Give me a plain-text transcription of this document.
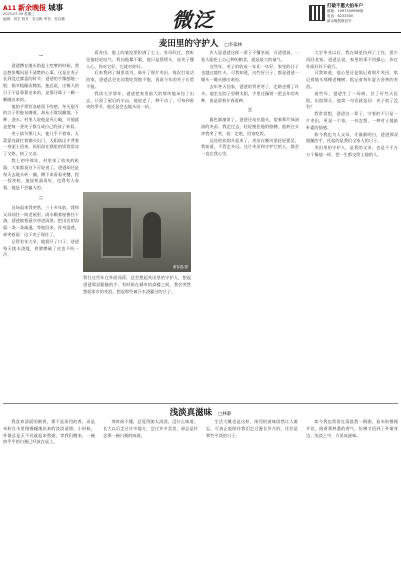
A11 新余晚报 城事
2025.07.09 星期三
编辑：刘宏 校对：吴宝帆 审签：杜启鹏	微泛
打破不愿大拍车户
邮箱：1097349998@
电话：6233300
新余晚报微信号
麦田里的守护人 □李家林

一

爸爸蹲在地头掐起土疙瘩的时候，我总想张嘴问说不清楚的心事。这是在麦子长到没过膝盖的时节，爸爸的手像刨地一般，指节粗糙而黝黑。他总说，庄稼人的日子不是靠算出来的，是靠汗珠子一颗一颗砸出来的。

他的手掌有冻疮留下的疤，冬天裂开的口子用胶布缠着，却从不耽误翻地、下种、浇水。村里人说他是死心眼，可他就是把每一垄麦子都当成自己的孩子来看。

麦子拔节那几天，他几乎不着家，天蒙蒙亮就扛着锄头出门，太阳落山才背着一身泥土回来。妈妈留在锅里的饭常常凉了又热，热了又凉。

我上初中那年，村里来了收麦的机器，大家都说这下可轻省了。爸爸却还是每天去地头转一圈，蹲下来看看麦穗，捏一捏麦粒。他说机器再好，也得有人看着，地是不会骗人的。

二

这场雨来得突然，三十多年前，我和父母同住一间老屋里。雨水顺着屋檐往下淌，爸爸披着蓑衣冲进雨里，把田边的沟渠一条一条疏通。等他回来，浑身湿透，却笑着说：这下麦子保住了。

记得有年大旱，地裂开了口子，爸爸每天挑水浇地，肩膀磨破了皮也不吭一声。

看麦田，脸上的皱纹里积满了尘土，有风吹过，我听见他轻轻叹气。我问他累不累，他只是摇摇头，说麦子懂人心，你对它好，它就对你好。

后来我到了城里读书，离开了那片麦田。每次打电话回家，爸爸总会先问我吃得饱不饱，再说今年的麦子长势不错。

我读大学那年，爸爸把家里最大的那块地承包了出去，只留了屋后的半亩，他说老了，种不动了，可每到收麦的季节，他还是会去地头站一站。

乡人说爸爸这样一辈子不懂享福，可爸爸说，一家人能吃上自己种的粮食，就是最大的福气。

这些年，麦子的收成一年比一年好，家里的日子也越过越红火。可我知道，这些好日子，都是爸爸一锄头一锄头刨出来的。

去年冬天回家，爸爸的背更弯了，走路也慢了许多。他坐在院子里晒太阳，手里还攥着一把去年的麦种，说是留着开春再种。

三

暮色渐渐浓了，爸爸还站在地头，望着那片绿油油的麦苗。我走过去，轻轻挽住他的胳膊，他转过头冲我笑了笑，说：走吧，回家吃饭。

远处的炊烟升起来了，麦田在晚风里轻轻摇晃。我知道，不管走多远，这片麦田和守护它的人，都会一直在我心里。

大学毕业以后，我在城里找到了工作，很少再回老家。爸爸总说，家里的事不用操心，你在外面好好干就行。

可我知道，他心里还是惦记着那片麦田，惦记着地头那棵老槐树，惦记着每年夏天金黄的麦浪。

前些年，爸爸生了一场病，住了好些天医院。出院那天，他第一句话就是问：麦子收了没有？

我常常想，爸爸这一辈子，守着的不只是一片麦田，更是一个家，一份念想，一种对土地最朴素的情感。

如今我也为人父母，才渐渐明白，爸爸那双粗糙的手，托起的是我们全家人的日子。

麦田里的守护人，是我的父亲，也是千千万万个像他一样，把一生都交给土地的人。

谢春霞/摄
我打这些年在外面闯荡，总会想起麦田里的守护人，想起爸爸那双粗糙的手。有时候在城市的高楼之间，我会突然想起家乡的麦浪，想起那些被汗水浇灌过的日子。
浅淡真滋味 □林静

我喜欢清晨的粥香，那不是浓烈的香，而是米粒在水里慢慢翻滚出来的淡淡清甜。小时候，外婆总是天不亮就起来熬粥，等我们醒来，一碗热乎乎的白粥已经放在桌上。

那时候不懂，总觉得粥太清淡，没什么味道。长大以后走过许多地方，尝过许多美食，却总是怀念那一碗白粥的味道。

生活大概也是这样，浓烈的滋味固然让人难忘，可真正能陪伴我们走过漫长岁月的，往往是那些平淡的日子。

如今我也常常在清晨熬一锅粥，看米粒慢慢开花，闻着那熟悉的香气，仿佛又回到了外婆身边。浅淡之中，方见真滋味。
